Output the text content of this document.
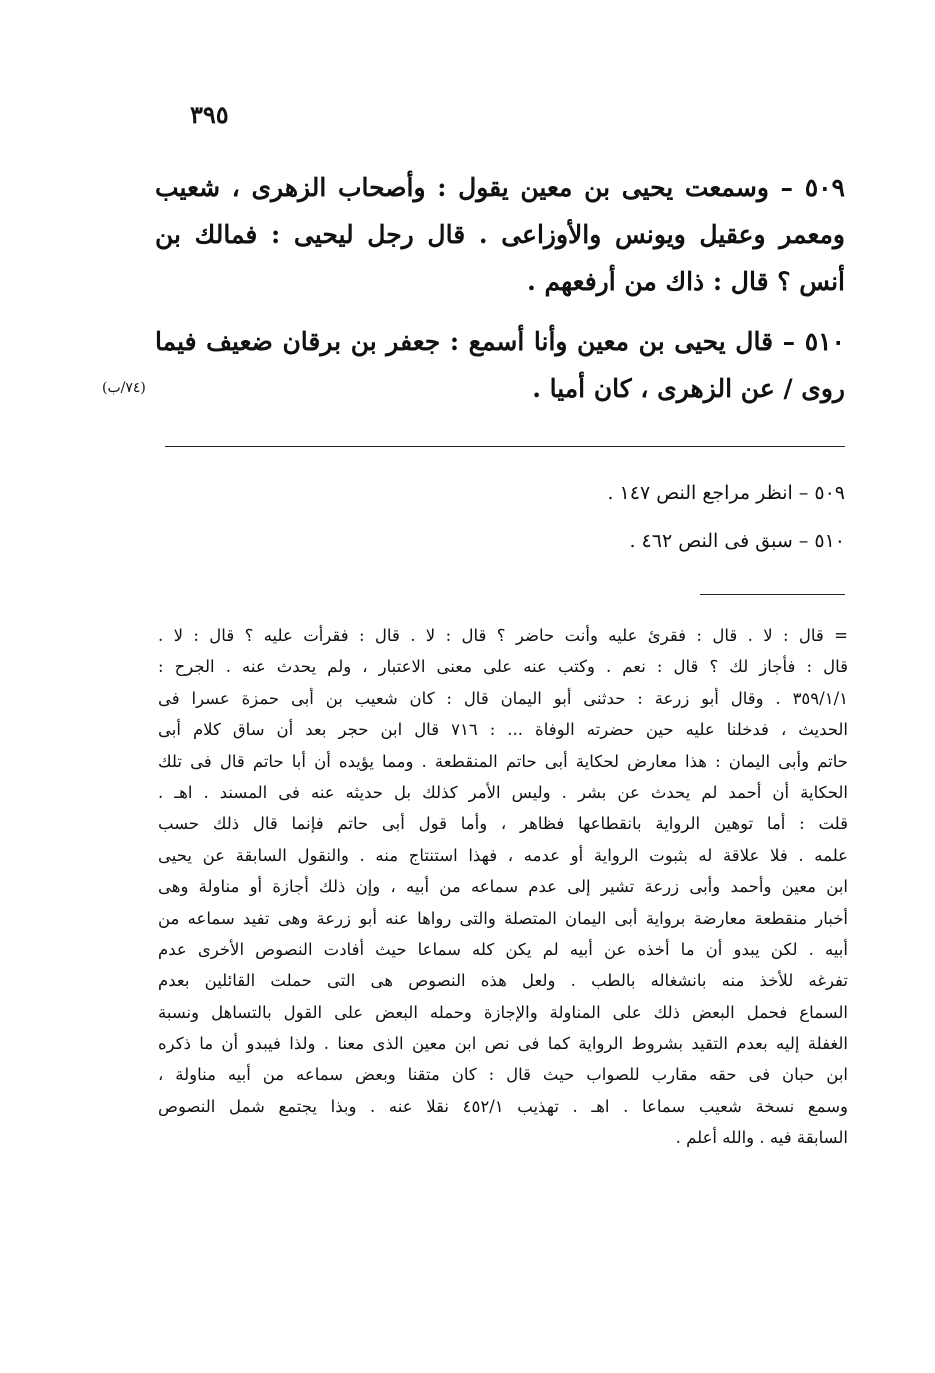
٣٩٥
٥٠٩ – وسمعت يحيى بن معين يقول : وأصحاب الزهرى ، شعيب ومعمر وعقيل ويونس والأوزاعى . قال رجل ليحيى : فمالك بن أنس ؟ قال : ذاك من أرفعهم .
٥١٠ – قال يحيى بن معين وأنا أسمع : جعفر بن برقان ضعيف فيما روى / عن الزهرى ، كان أميا .
(٧٤/ب)
٥٠٩ – انظر مراجع النص ١٤٧ .
٥١٠ – سبق فى النص ٤٦٢ .
= قال : لا . قال : فقرئ عليه وأنت حاضر ؟ قال : لا . قال : فقرأت عليه ؟ قال : لا .
قال : فأجاز لك ؟ قال : نعم . وكتب عنه على معنى الاعتبار ، ولم يحدث عنه . الجرح :
٣٥٩/١/١ . وقال أبو زرعة : حدثنى أبو اليمان قال : كان شعيب بن أبى حمزة عسرا فى
الحديث ، فدخلنا عليه حين حضرته الوفاة ... : ٧١٦ قال ابن حجر بعد أن ساق كلام أبى
حاتم وأبى اليمان : هذا معارض لحكاية أبى حاتم المنقطعة . ومما يؤيده أن أبا حاتم قال فى تلك
الحكاية أن أحمد لم يحدث عن بشر . وليس الأمر كذلك بل حديثه عنه فى المسند . اهـ .
قلت : أما توهين الرواية بانقطاعها فظاهر ، وأما قول أبى حاتم فإنما قال ذلك حسب
علمه . فلا علاقة له بثبوت الرواية أو عدمه ، فهذا استنتاج منه . والنقول السابقة عن يحيى
ابن معين وأحمد وأبى زرعة تشير إلى عدم سماعه من أبيه ، وإن ذلك أجازة أو مناولة وهى
أخبار منقطعة معارضة برواية أبى اليمان المتصلة والتى رواها عنه أبو زرعة وهى تفيد سماعه من
أبيه . لكن يبدو أن ما أخذه عن أبيه لم يكن كله سماعا حيث أفادت النصوص الأخرى عدم
تفرغه للأخذ منه بانشغاله بالطب . ولعل هذه النصوص هى التى حملت القائلين بعدم
السماع فحمل البعض ذلك على المناولة والإجازة وحمله البعض على القول بالتساهل ونسبة
الغفلة إليه بعدم التقيد بشروط الرواية كما فى نص ابن معين الذى معنا . ولذا فيبدو أن ما ذكره
ابن حبان فى حقه مقارب للصواب حيث قال : كان متقنا وبعض سماعه من أبيه مناولة ،
وسمع نسخة شعيب سماعا . اهـ . تهذيب ٤٥٢/١ نقلا عنه . وبذا يجتمع شمل النصوص
السابقة فيه . والله أعلم .
